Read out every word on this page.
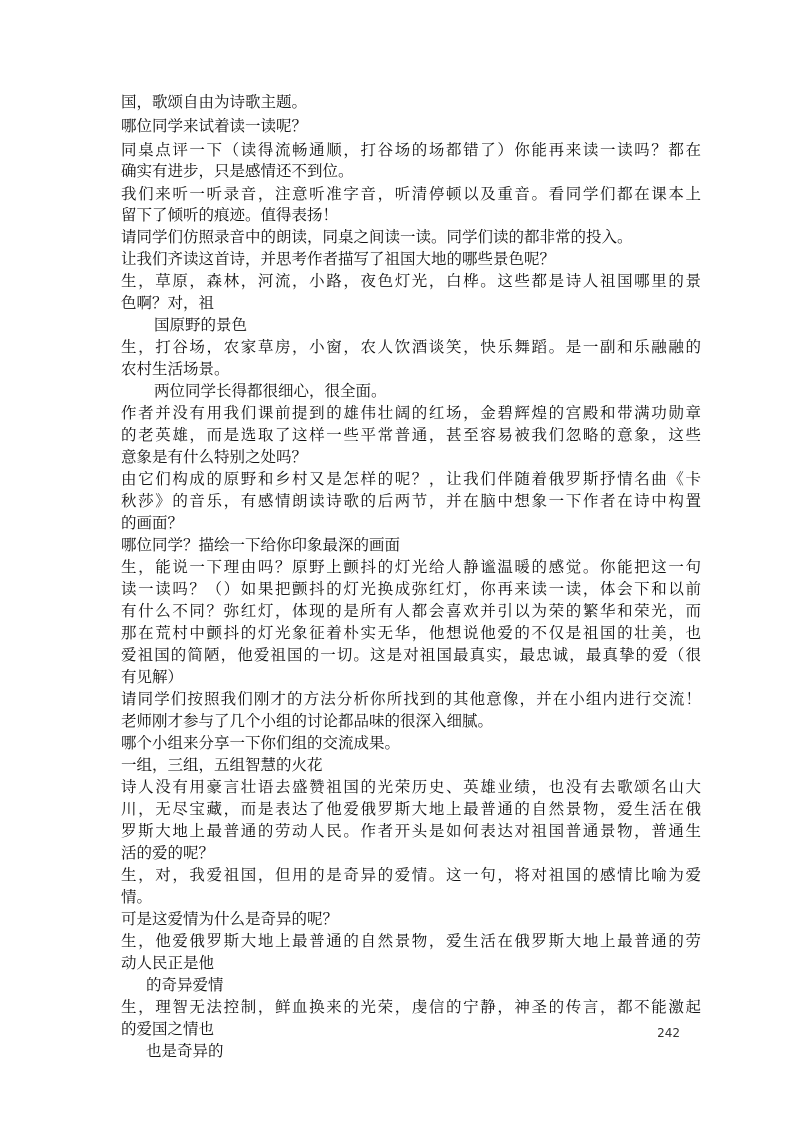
国，歌颂自由为诗歌主题。

哪位同学来试着读一读呢？

同桌点评一下（读得流畅通顺，打谷场的场都错了）你能再来读一读吗？都在

确实有进步，只是感情还不到位。

我们来听一听录音，注意听准字音，听清停顿以及重音。看同学们都在课本上

留下了倾听的痕迹。值得表扬！

请同学们仿照录音中的朗读，同桌之间读一读。同学们读的都非常的投入。

让我们齐读这首诗，并思考作者描写了祖国大地的哪些景色呢？

生，草原，森林，河流，小路，夜色灯光，白桦。这些都是诗人祖国哪里的景

色啊？对，祖

国原野的景色

生，打谷场，农家草房，小窗，农人饮酒谈笑，快乐舞蹈。是一副和乐融融的

农村生活场景。

两位同学长得都很细心，很全面。

作者并没有用我们课前提到的雄伟壮阔的红场，金碧辉煌的宫殿和带满功勋章

的老英雄，而是选取了这样一些平常普通，甚至容易被我们忽略的意象，这些

意象是有什么特别之处吗？

由它们构成的原野和乡村又是怎样的呢？，让我们伴随着俄罗斯抒情名曲《卡

秋莎》的音乐，有感情朗读诗歌的后两节，并在脑中想象一下作者在诗中构置

的画面？

哪位同学？描绘一下给你印象最深的画面

生，能说一下理由吗？原野上颤抖的灯光给人静谧温暖的感觉。你能把这一句

读一读吗？（）如果把颤抖的灯光换成弥红灯，你再来读一读，体会下和以前

有什么不同？弥红灯，体现的是所有人都会喜欢并引以为荣的繁华和荣光，而

那在荒村中颤抖的灯光象征着朴实无华，他想说他爱的不仅是祖国的壮美，也

爱祖国的简陋，他爱祖国的一切。这是对祖国最真实，最忠诚，最真挚的爱（很

有见解）

请同学们按照我们刚才的方法分析你所找到的其他意像，并在小组内进行交流！

老师刚才参与了几个小组的讨论都品味的很深入细腻。

哪个小组来分享一下你们组的交流成果。

一组，三组，五组智慧的火花

诗人没有用豪言壮语去盛赞祖国的光荣历史、英雄业绩，也没有去歌颂名山大

川，无尽宝藏，而是表达了他爱俄罗斯大地上最普通的自然景物，爱生活在俄

罗斯大地上最普通的劳动人民。作者开头是如何表达对祖国普通景物，普通生

活的爱的呢？

生，对，我爱祖国，但用的是奇异的爱情。这一句，将对祖国的感情比喻为爱

情。

可是这爱情为什么是奇异的呢？

生，他爱俄罗斯大地上最普通的自然景物，爱生活在俄罗斯大地上最普通的劳

动人民正是他

的奇异爱情

生，理智无法控制，鲜血换来的光荣，虔信的宁静，神圣的传言，都不能激起

的爱国之情也

也是奇异的

242
